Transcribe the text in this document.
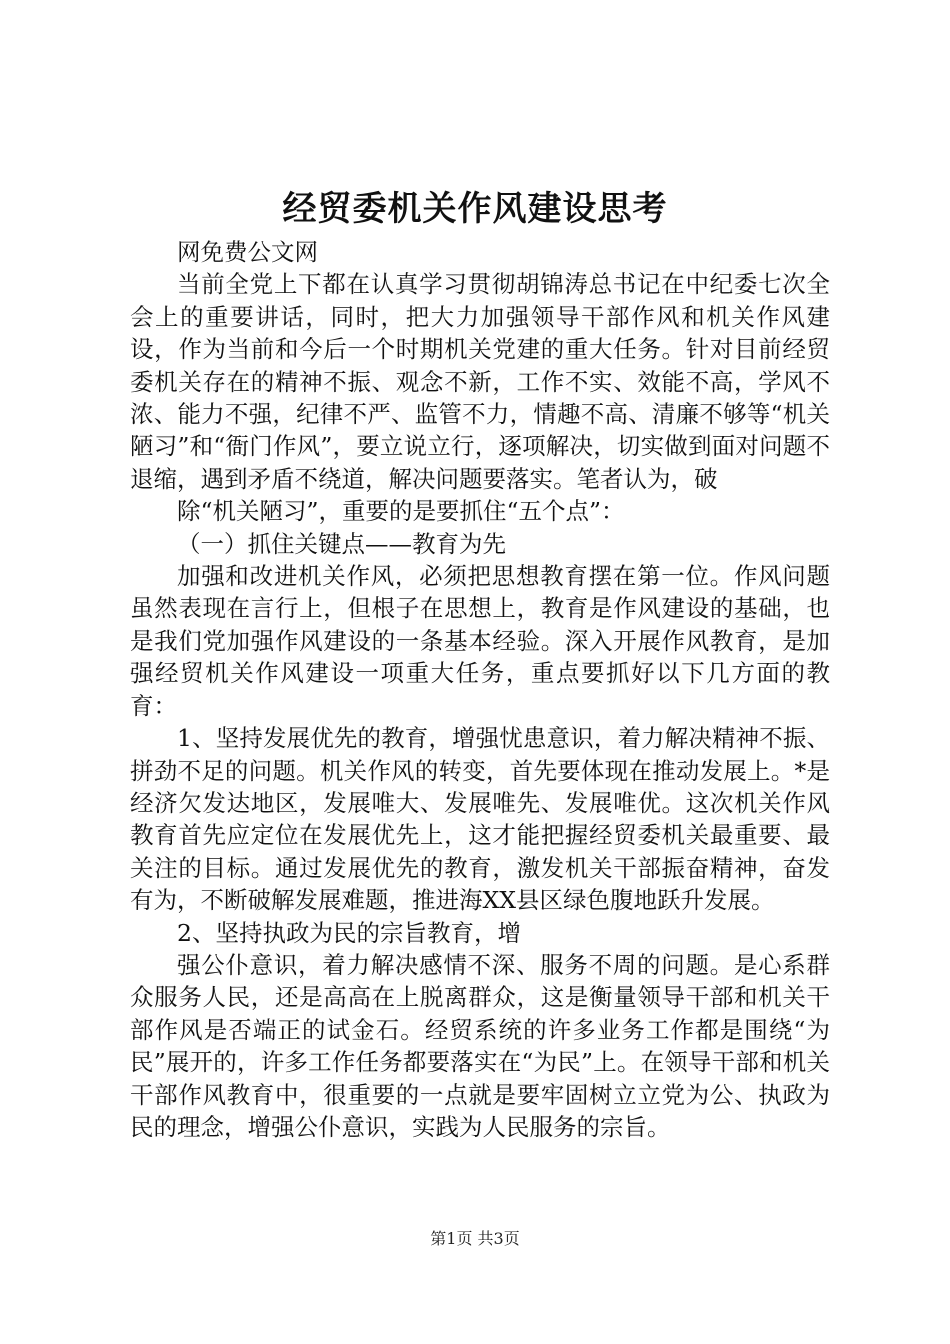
经贸委机关作风建设思考

网免费公文网

当前全党上下都在认真学习贯彻胡锦涛总书记在中纪委七次全会上的重要讲话，同时，把大力加强领导干部作风和机关作风建设，作为当前和今后一个时期机关党建的重大任务。针对目前经贸委机关存在的精神不振、观念不新，工作不实、效能不高，学风不浓、能力不强，纪律不严、监管不力，情趣不高、清廉不够等“机关陋习”和“衙门作风”，要立说立行，逐项解决，切实做到面对问题不退缩，遇到矛盾不绕道，解决问题要落实。笔者认为，破

除“机关陋习”，重要的是要抓住“五个点”：

（一）抓住关键点——教育为先

加强和改进机关作风，必须把思想教育摆在第一位。作风问题虽然表现在言行上，但根子在思想上，教育是作风建设的基础，也是我们党加强作风建设的一条基本经验。深入开展作风教育，是加强经贸机关作风建设一项重大任务，重点要抓好以下几方面的教育：

1、坚持发展优先的教育，增强忧患意识，着力解决精神不振、拼劲不足的问题。机关作风的转变，首先要体现在推动发展上。*是经济欠发达地区，发展唯大、发展唯先、发展唯优。这次机关作风教育首先应定位在发展优先上，这才能把握经贸委机关最重要、最关注的目标。通过发展优先的教育，激发机关干部振奋精神，奋发有为，不断破解发展难题，推进海XX县区绿色腹地跃升发展。

2、坚持执政为民的宗旨教育，增

强公仆意识，着力解决感情不深、服务不周的问题。是心系群众服务人民，还是高高在上脱离群众，这是衡量领导干部和机关干部作风是否端正的试金石。经贸系统的许多业务工作都是围绕“为民”展开的，许多工作任务都要落实在“为民”上。在领导干部和机关干部作风教育中，很重要的一点就是要牢固树立立党为公、执政为民的理念，增强公仆意识，实践为人民服务的宗旨。

第1页 共3页
